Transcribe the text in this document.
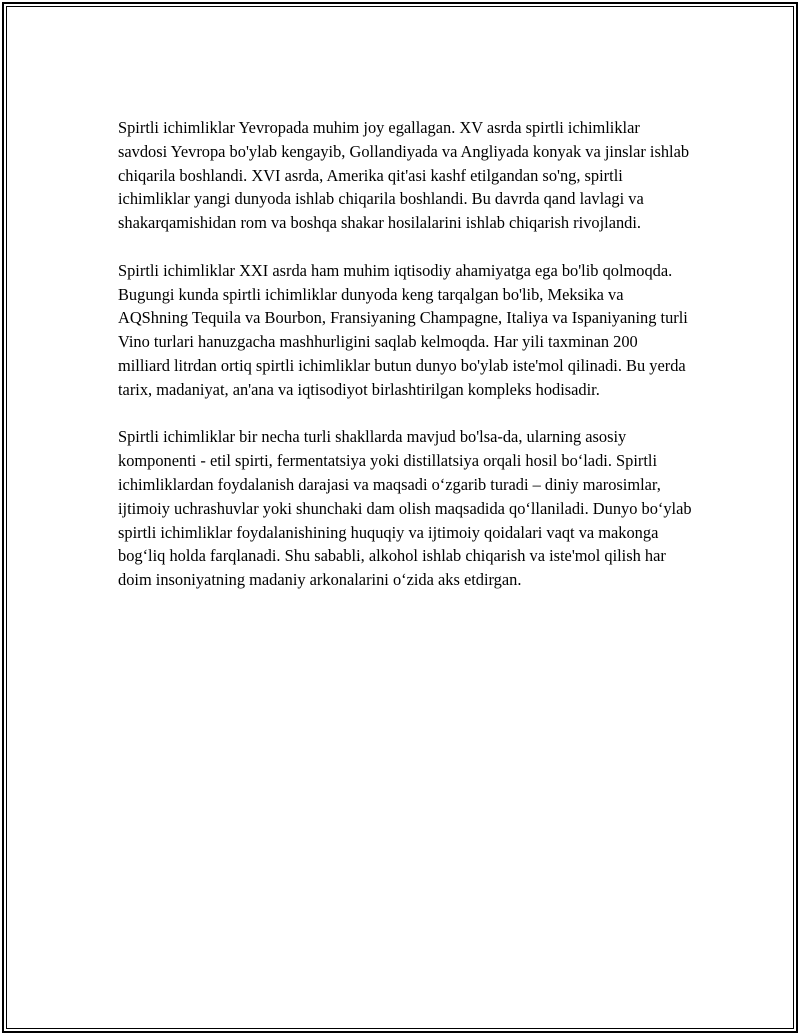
Spirtli ichimliklar Yevropada muhim joy egallagan. XV asrda spirtli ichimliklar savdosi Yevropa bo'ylab kengayib, Gollandiyada va Angliyada konyak va jinslar ishlab chiqarila boshlandi. XVI asrda, Amerika qit'asi kashf etilgandan so'ng, spirtli ichimliklar yangi dunyoda ishlab chiqarila boshlandi. Bu davrda qand lavlagi va shakarqamishidan rom va boshqa shakar hosilalarini ishlab chiqarish rivojlandi.

Spirtli ichimliklar XXI asrda ham muhim iqtisodiy ahamiyatga ega bo'lib qolmoqda. Bugungi kunda spirtli ichimliklar dunyoda keng tarqalgan bo'lib, Meksika va AQShning Tequila va Bourbon, Fransiyaning Champagne, Italiya va Ispaniyaning turli Vino turlari hanuzgacha mashhurligini saqlab kelmoqda. Har yili taxminan 200 milliard litrdan ortiq spirtli ichimliklar butun dunyo bo'ylab iste'mol qilinadi. Bu yerda tarix, madaniyat, an'ana va iqtisodiyot birlashtirilgan kompleks hodisadir.

Spirtli ichimliklar bir necha turli shakllarda mavjud bo'lsa-da, ularning asosiy komponenti - etil spirti, fermentatsiya yoki distillatsiya orqali hosil bo‘ladi. Spirtli ichimliklardan foydalanish darajasi va maqsadi o‘zgarib turadi – diniy marosimlar, ijtimoiy uchrashuvlar yoki shunchaki dam olish maqsadida qo‘llaniladi. Dunyo bo‘ylab spirtli ichimliklar foydalanishining huquqiy va ijtimoiy qoidalari vaqt va makonga bog‘liq holda farqlanadi. Shu sababli, alkohol ishlab chiqarish va iste'mol qilish har doim insoniyatning madaniy arkonalarini o‘zida aks etdirgan.
